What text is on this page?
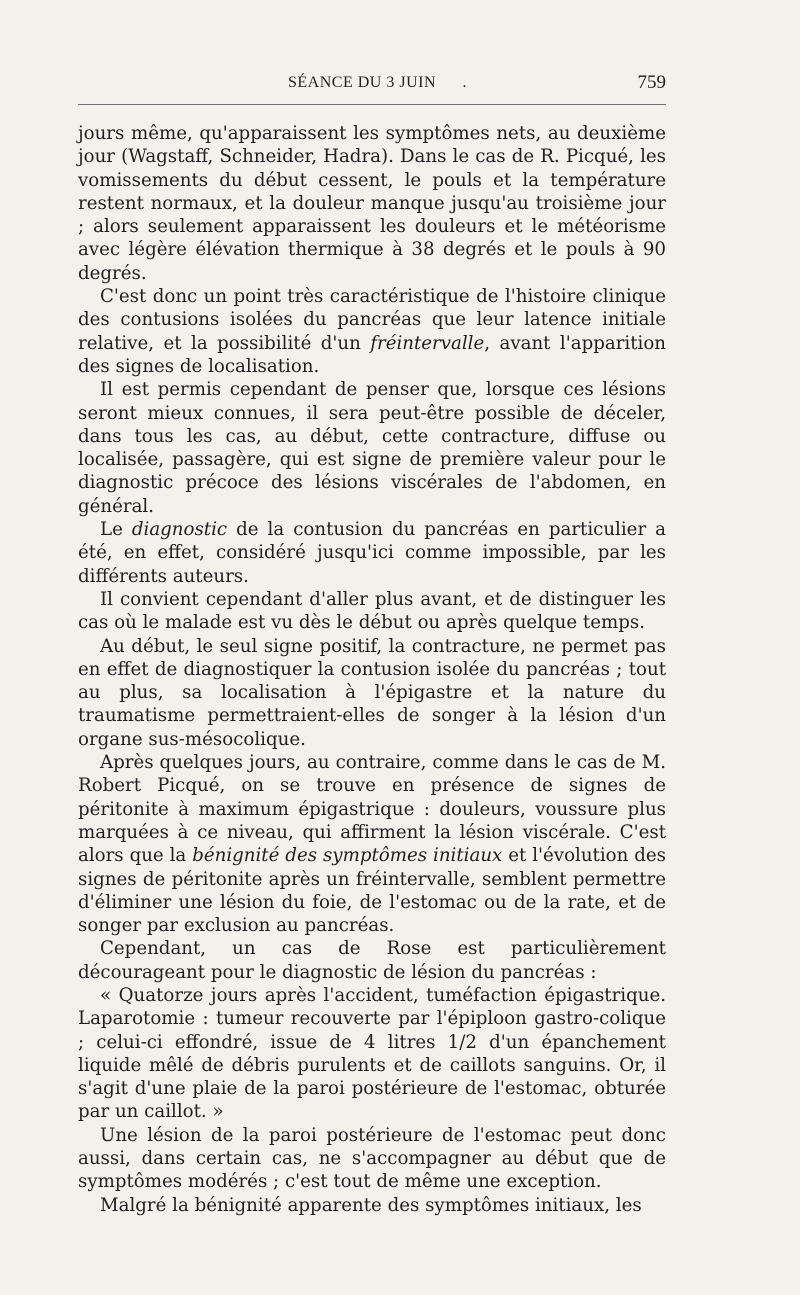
SÉANCE DU 3 JUIN .	759

jours même, qu'apparaissent les symptômes nets, au deuxième jour (Wagstaff, Schneider, Hadra). Dans le cas de R. Picqué, les vomissements du début cessent, le pouls et la température restent normaux, et la douleur manque jusqu'au troisième jour ; alors seulement apparaissent les douleurs et le météorisme avec légère élévation thermique à 38 degrés et le pouls à 90 degrés.

C'est donc un point très caractéristique de l'histoire clinique des contusions isolées du pancréas que leur latence initiale relative, et la possibilité d'un fréintervalle, avant l'apparition des signes de localisation.

Il est permis cependant de penser que, lorsque ces lésions seront mieux connues, il sera peut-être possible de déceler, dans tous les cas, au début, cette contracture, diffuse ou localisée, passagère, qui est signe de première valeur pour le diagnostic précoce des lésions viscérales de l'abdomen, en général.

Le diagnostic de la contusion du pancréas en particulier a été, en effet, considéré jusqu'ici comme impossible, par les différents auteurs.

Il convient cependant d'aller plus avant, et de distinguer les cas où le malade est vu dès le début ou après quelque temps.

Au début, le seul signe positif, la contracture, ne permet pas en effet de diagnostiquer la contusion isolée du pancréas ; tout au plus, sa localisation à l'épigastre et la nature du traumatisme permettraient-elles de songer à la lésion d'un organe sus-mésocolique.

Après quelques jours, au contraire, comme dans le cas de M. Robert Picqué, on se trouve en présence de signes de péritonite à maximum épigastrique : douleurs, voussure plus marquées à ce niveau, qui affirment la lésion viscérale. C'est alors que la bénignité des symptômes initiaux et l'évolution des signes de péritonite après un fréintervalle, semblent permettre d'éliminer une lésion du foie, de l'estomac ou de la rate, et de songer par exclusion au pancréas.

Cependant, un cas de Rose est particulièrement décourageant pour le diagnostic de lésion du pancréas :

« Quatorze jours après l'accident, tuméfaction épigastrique. Laparotomie : tumeur recouverte par l'épiploon gastro-colique ; celui-ci effondré, issue de 4 litres 1/2 d'un épanchement liquide mêlé de débris purulents et de caillots sanguins. Or, il s'agit d'une plaie de la paroi postérieure de l'estomac, obturée par un caillot. »

Une lésion de la paroi postérieure de l'estomac peut donc aussi, dans certain cas, ne s'accompagner au début que de symptômes modérés ; c'est tout de même une exception.

Malgré la bénignité apparente des symptômes initiaux, les
